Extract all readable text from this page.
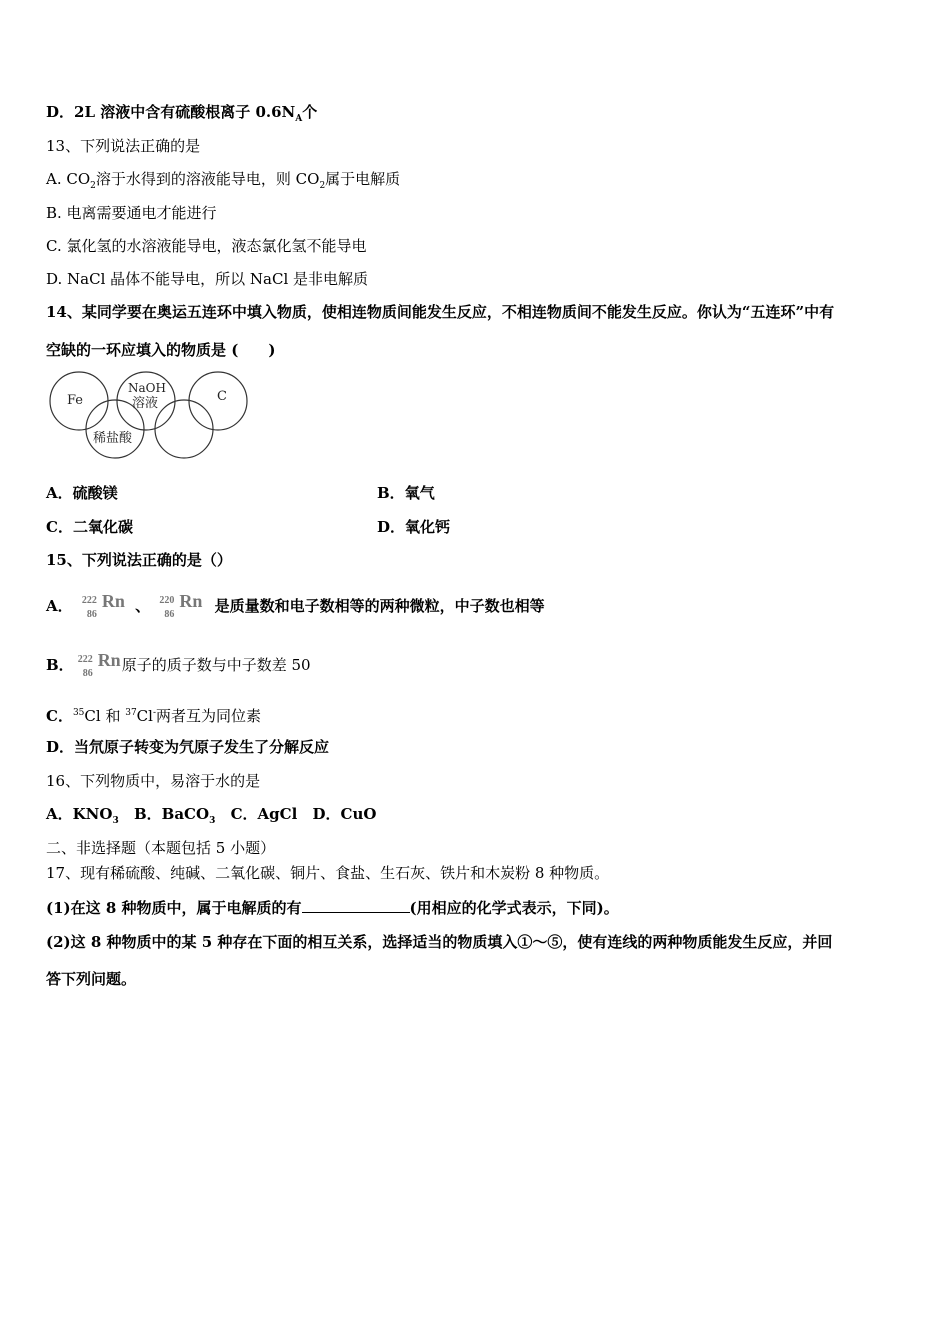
D．2L 溶液中含有硫酸根离子 $0.6N_A$个
13、下列说法正确的是
A. $CO_2$溶于水得到的溶液能导电，则 $CO_2$属于电解质
B. 电离需要通电才能进行
C. 氯化氢的水溶液能导电，液态氯化氢不能导电
D. NaCl 晶体不能导电，所以 NaCl 是非电解质
14、某同学要在奥运五连环中填入物质，使相连物质间能发生反应，不相连物质间不能发生反应。你认为“五连环”中有
空缺的一环应填入的物质是 (　　)
Fe
NaOH
溶液	C
稀盐酸
A．硫酸镁	B．氧气
C．二氧化碳	D．氧化钙
15、下列说法正确的是（）
A． 222
86
Rn 、 220
86
Rn 是质量数和电子数相等的两种微粒，中子数也相等
B． 222
86
Rn 原子的质子数与中子数差 50
C．$^{35}$Cl 和 $^{37}$Cl-两者互为同位素
D．当氘原子转变为氕原子发生了分解反应
16、下列物质中，易溶于水的是
A．$KNO_3$ B．BaCO$_3$ C．AgCl D．CuO
二、非选择题（本题包括 5 小题）
17、现有稀硫酸、纯碱、二氧化碳、铜片、食盐、生石灰、铁片和木炭粉 8 种物质。
(1)在这 8 种物质中，属于电解质的有	(用相应的化学式表示，下同)。
(2)这 8 种物质中的某 5 种存在下面的相互关系，选择适当的物质填入①～⑤，使有连线的两种物质能发生反应，并回
答下列问题。
